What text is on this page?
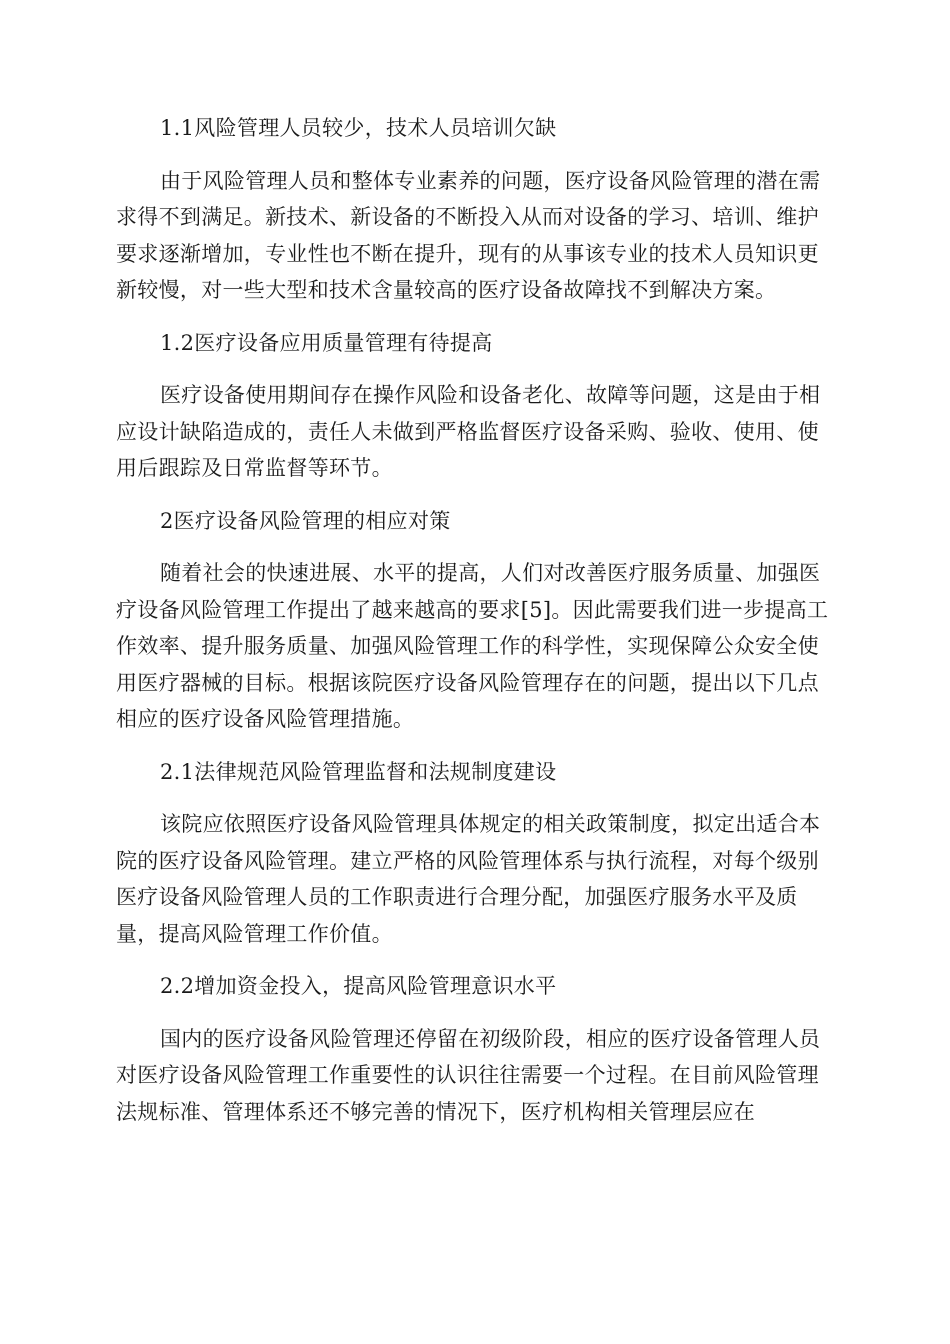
1.1风险管理人员较少，技术人员培训欠缺

由于风险管理人员和整体专业素养的问题，医疗设备风险管理的潜在需求得不到满足。新技术、新设备的不断投入从而对设备的学习、培训、维护要求逐渐增加，专业性也不断在提升，现有的从事该专业的技术人员知识更新较慢，对一些大型和技术含量较高的医疗设备故障找不到解决方案。

1.2医疗设备应用质量管理有待提高

医疗设备使用期间存在操作风险和设备老化、故障等问题，这是由于相应设计缺陷造成的，责任人未做到严格监督医疗设备采购、验收、使用、使用后跟踪及日常监督等环节。

2医疗设备风险管理的相应对策

随着社会的快速进展、水平的提高，人们对改善医疗服务质量、加强医疗设备风险管理工作提出了越来越高的要求[5]。因此需要我们进一步提高工作效率、提升服务质量、加强风险管理工作的科学性，实现保障公众安全使用医疗器械的目标。根据该院医疗设备风险管理存在的问题，提出以下几点相应的医疗设备风险管理措施。

2.1法律规范风险管理监督和法规制度建设

该院应依照医疗设备风险管理具体规定的相关政策制度，拟定出适合本院的医疗设备风险管理。建立严格的风险管理体系与执行流程，对每个级别医疗设备风险管理人员的工作职责进行合理分配，加强医疗服务水平及质量，提高风险管理工作价值。

2.2增加资金投入，提高风险管理意识水平

国内的医疗设备风险管理还停留在初级阶段，相应的医疗设备管理人员对医疗设备风险管理工作重要性的认识往往需要一个过程。在目前风险管理法规标准、管理体系还不够完善的情况下，医疗机构相关管理层应在
